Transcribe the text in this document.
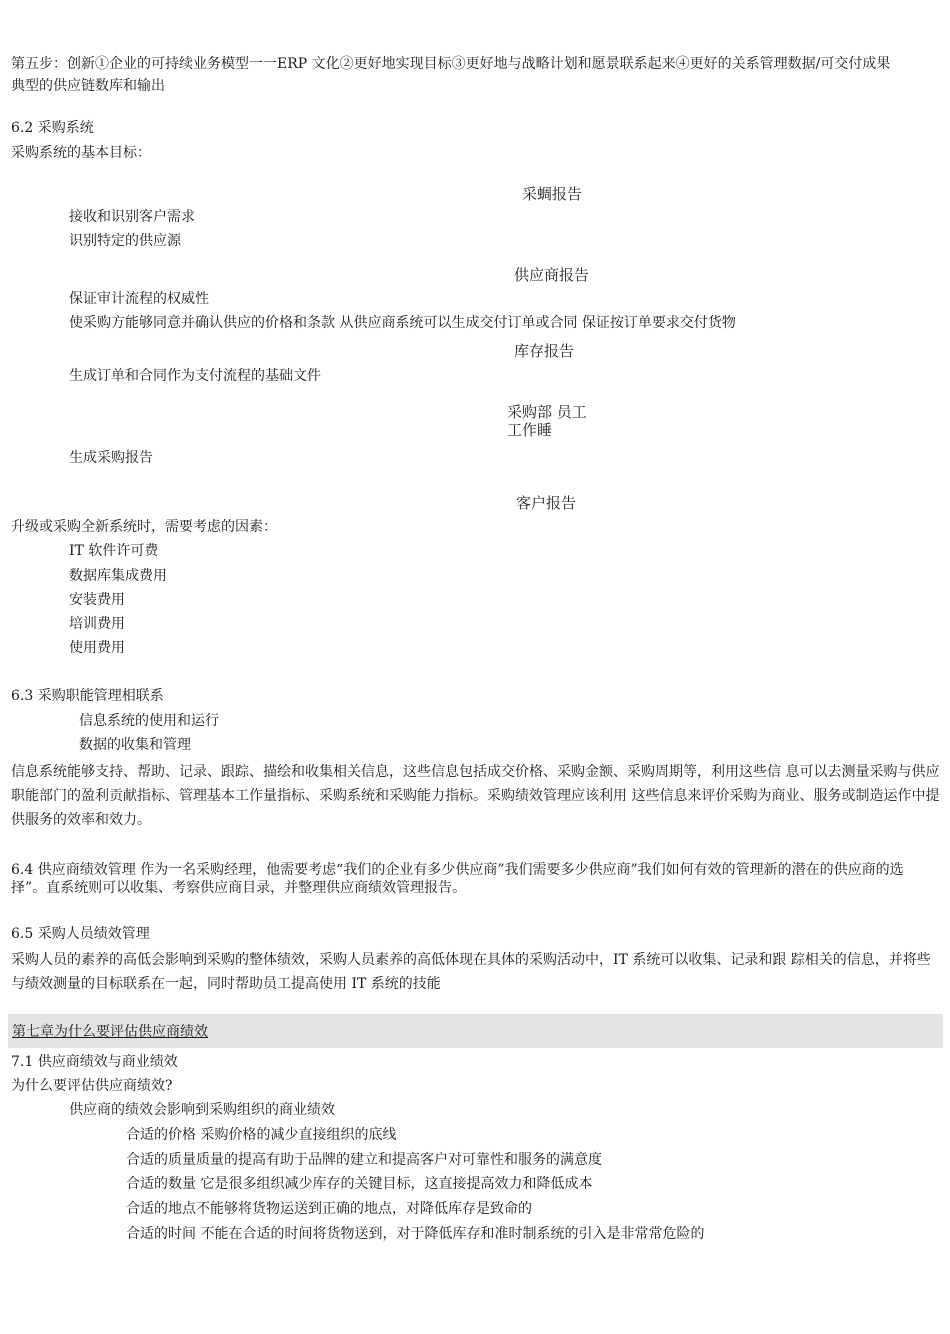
第五步：创新①企业的可持续业务模型一一ERP 文化②更好地实现目标③更好地与战略计划和愿景联系起来④更好的关系管理数据/可交付成果 典型的供应链数库和输出
6.2 采购系统
采购系统的基本目标：
采蜩报告
接收和识别客户需求
识别特定的供应源
供应商报告
保证审计流程的权威性
使采购方能够同意并确认供应的价格和条款 从供应商系统可以生成交付订单或合同 保证按订单要求交付货物
库存报告
生成订单和合同作为支付流程的基础文件
采购部 员工
工作睡
生成采购报告
客户报告
升级或采购全新系统时，需要考虑的因素：
IT 软件许可费
数据库集成费用
安装费用
培训费用
使用费用
6.3 采购职能管理相联系
信息系统的使用和运行
数据的收集和管理
信息系统能够支持、帮助、记录、跟踪、描绘和收集相关信息，这些信息包括成交价格、采购金额、采购周期等，利用这些信 息可以去测量采购与供应职能部门的盈利贡献指标、管理基本工作量指标、采购系统和采购能力指标。采购绩效管理应该利用 这些信息来评价采购为商业、服务或制造运作中提供服务的效率和效力。
6.4 供应商绩效管理 作为一名采购经理，他需要考虑“我们的企业有多少供应商”我们需要多少供应商”我们如何有效的管理新的潜在的供应商的选 择”。直系统则可以收集、考察供应商目录，并整理供应商绩效管理报告。
6.5 采购人员绩效管理
采购人员的素养的高低会影响到采购的整体绩效，采购人员素养的高低体现在具体的采购活动中，IT 系统可以收集、记录和跟 踪相关的信息，并将些与绩效测量的目标联系在一起，同时帮助员工提高使用 IT 系统的技能
第七章为什么要评估供应商绩效
7.1 供应商绩效与商业绩效
为什么要评估供应商绩效?
供应商的绩效会影响到采购组织的商业绩效
合适的价格 采购价格的减少直接组织的底线
合适的质量质量的提高有助于品牌的建立和提高客户对可靠性和服务的满意度
合适的数量 它是很多组织减少库存的关键目标，这直接提高效力和降低成本
合适的地点不能够将货物运送到正确的地点，对降低库存是致命的
合适的时间 不能在合适的时间将货物送到，对于降低库存和准时制系统的引入是非常常危险的
